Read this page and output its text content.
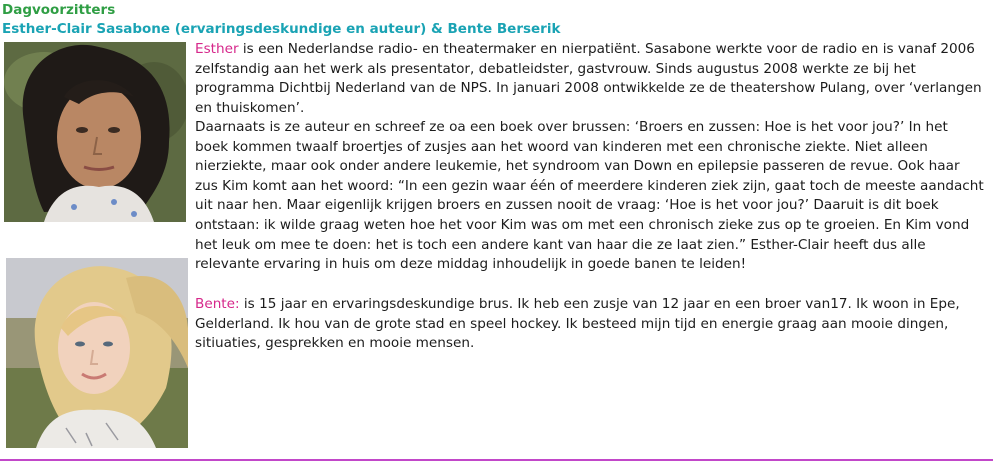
Dagvoorzitters
Esther-Clair Sasabone (ervaringsdeskundige en auteur) & Bente Berserik

Esther is een Nederlandse radio- en theatermaker en nierpatiënt. Sasabone werkte voor de radio en is vanaf 2006 zelfstandig aan het werk als presentator, debatleidster, gastvrouw. Sinds augustus 2008 werkte ze bij het programma Dichtbij Nederland van de NPS. In januari 2008 ontwikkelde ze de theatershow Pulang, over ‘verlangen en thuiskomen’.

Daarnaats is ze auteur en schreef ze oa een boek over brussen: ‘Broers en zussen: Hoe is het voor jou?’ In het boek kommen twaalf broertjes of zusjes aan het woord van kinderen met een chronische ziekte. Niet alleen nierziekte, maar ook onder andere leukemie, het syndroom van Down en epilepsie passeren de revue. Ook haar zus Kim komt aan het woord: “In een gezin waar één of meerdere kinderen ziek zijn, gaat toch de meeste aandacht uit naar hen. Maar eigenlijk krijgen broers en zussen nooit de vraag: ‘Hoe is het voor jou?’ Daaruit is dit boek ontstaan: ik wilde graag weten hoe het voor Kim was om met een chronisch zieke zus op te groeien. En Kim vond het leuk om mee te doen: het is toch een andere kant van haar die ze laat zien.” Esther-Clair heeft dus alle relevante ervaring in huis om deze middag inhoudelijk in goede banen te leiden!

Bente: is 15 jaar en ervaringsdeskundige brus. Ik heb een zusje van 12 jaar en een broer van17. Ik woon in Epe, Gelderland. Ik hou van de grote stad en speel hockey. Ik besteed mijn tijd en energie graag aan mooie dingen, sitiuaties, gesprekken en mooie mensen.
